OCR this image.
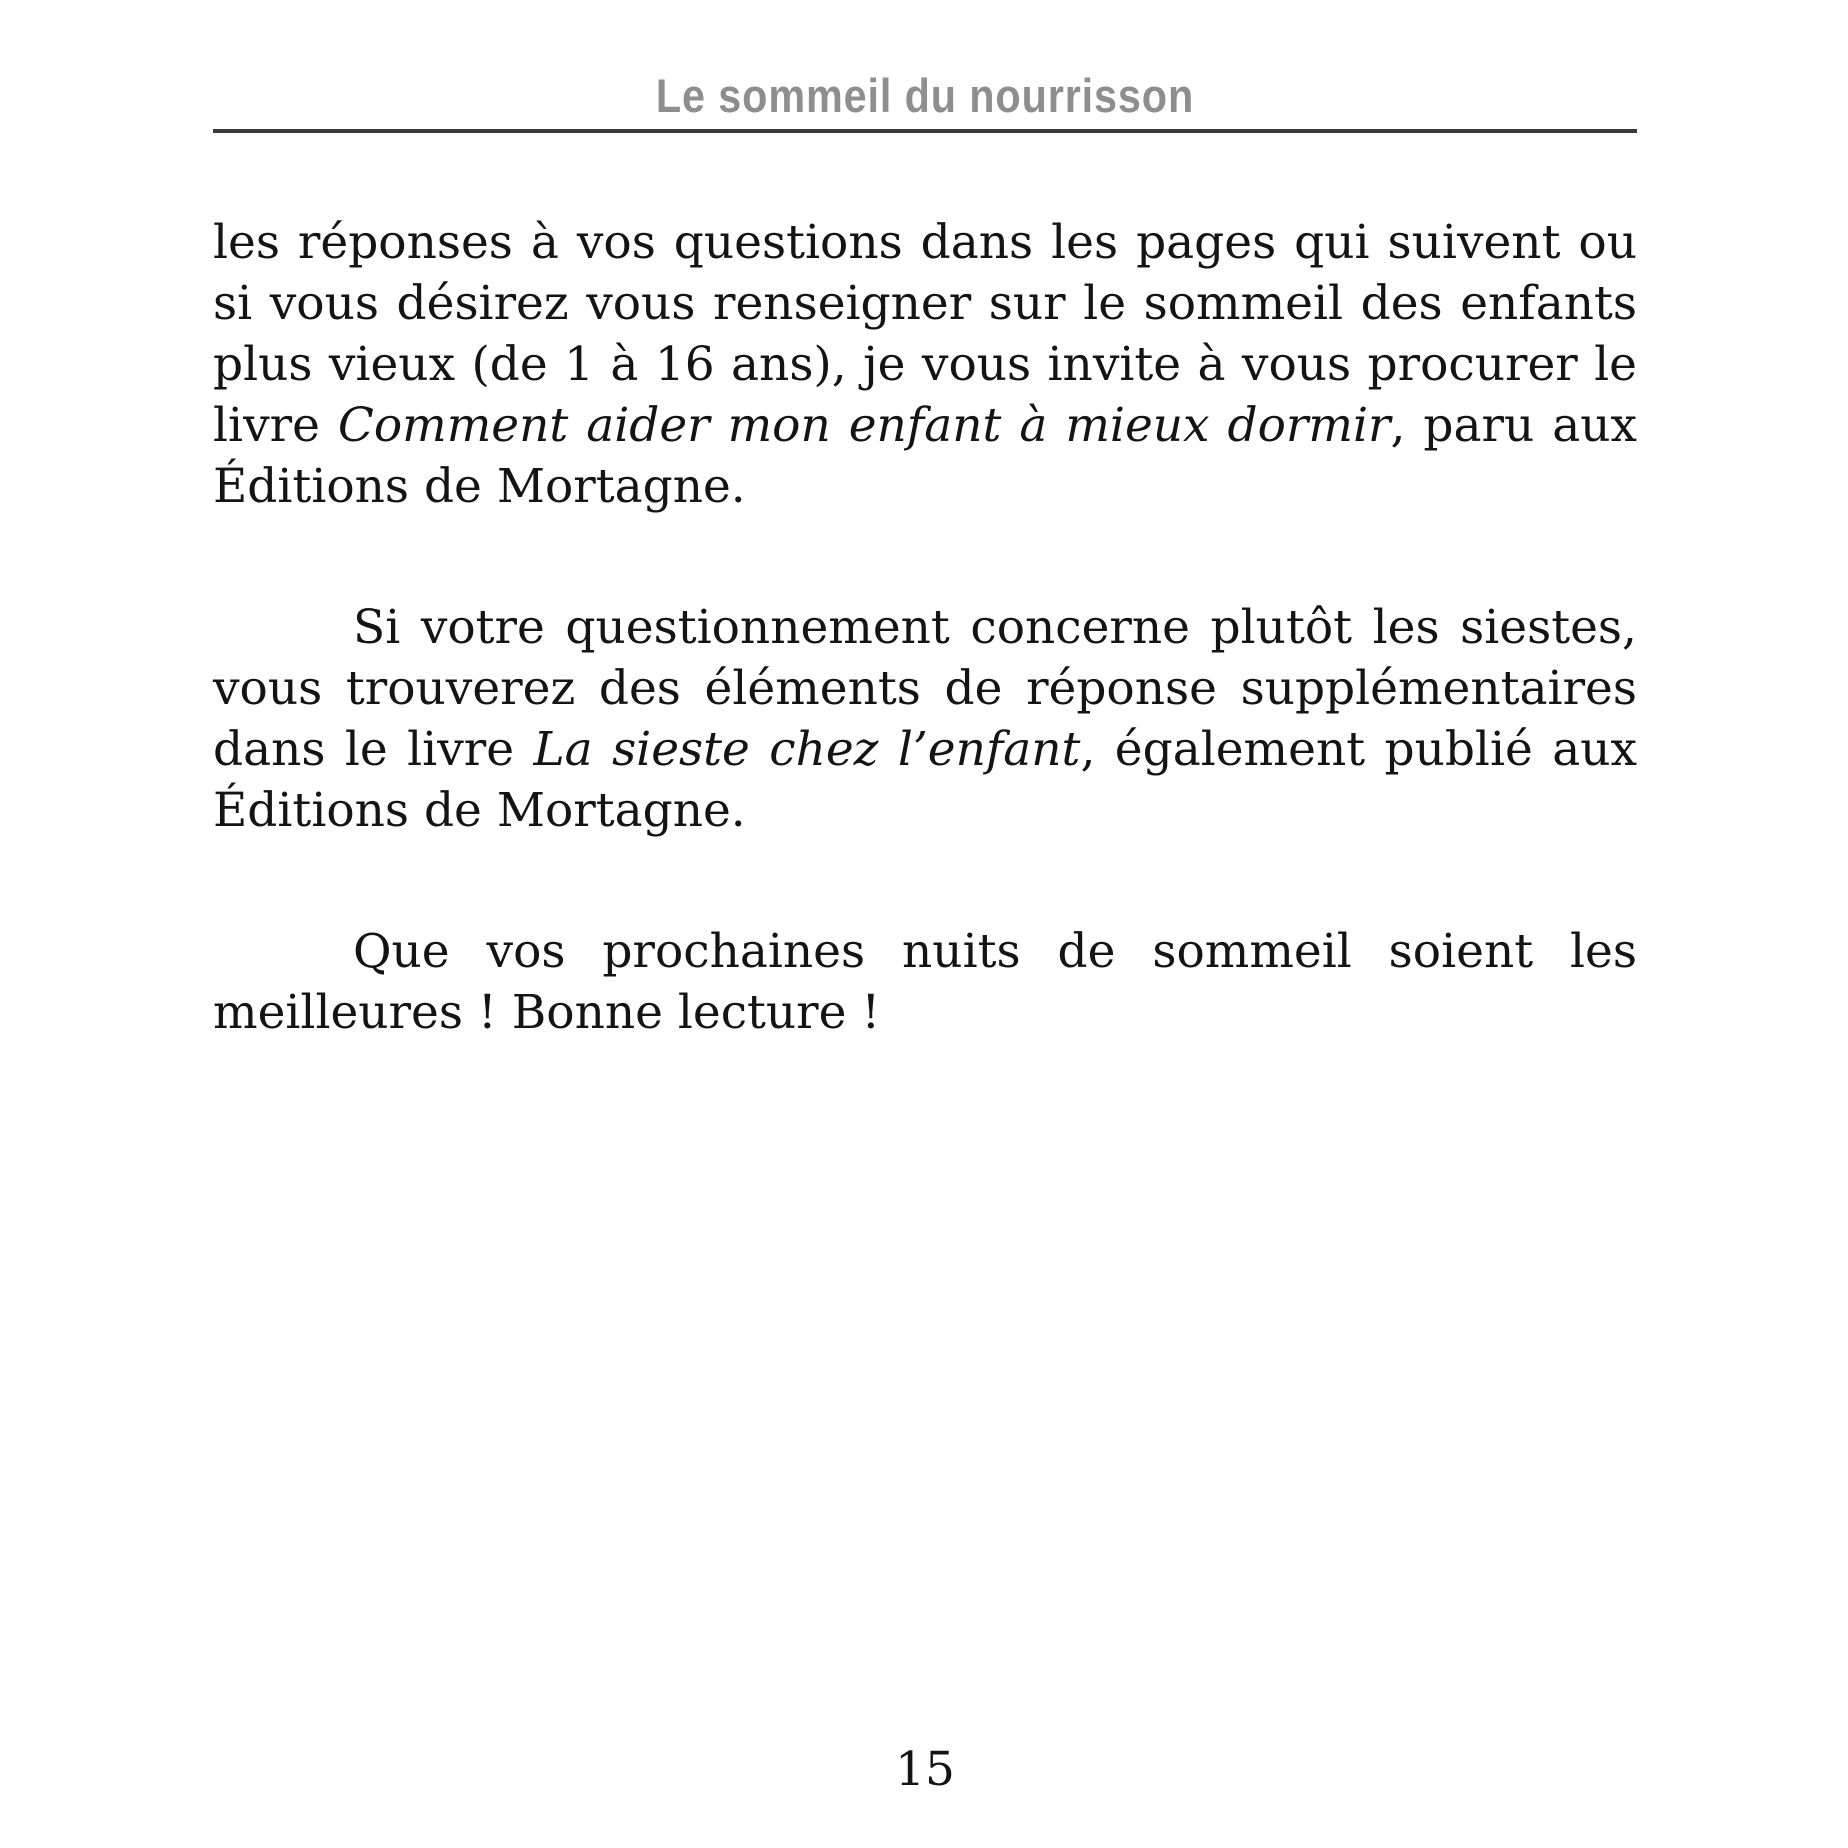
Le sommeil du nourrisson

les réponses à vos questions dans les pages qui suivent ou si vous désirez vous renseigner sur le sommeil des enfants plus vieux (de 1 à 16 ans), je vous invite à vous procurer le livre Comment aider mon enfant à mieux dormir, paru aux Éditions de Mortagne.

Si votre questionnement concerne plutôt les siestes, vous trouverez des éléments de réponse supplémentaires dans le livre La sieste chez l’enfant, également publié aux Éditions de Mortagne.

Que vos prochaines nuits de sommeil soient les meilleures ! Bonne lecture !

15
